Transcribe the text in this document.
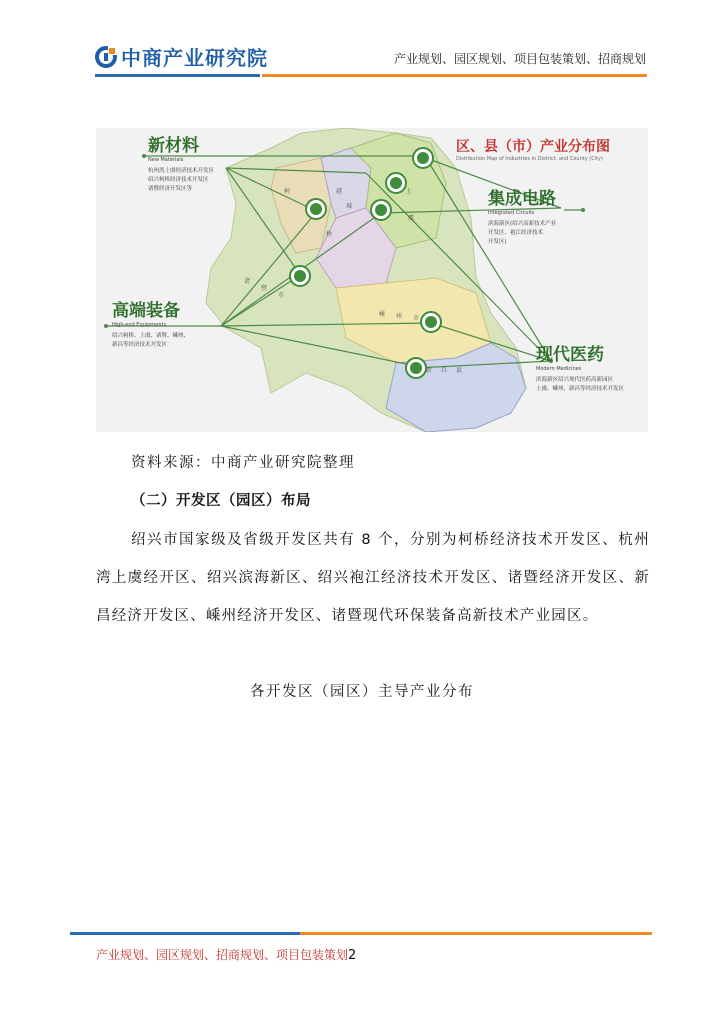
中商产业研究院	产业规划、园区规划、项目包装策划、招商规划
柯
桥
越
城
上
虞
诸
暨
市
嵊 州 市
新 昌 县
区、县（市）产业分布图
Distribution Map of Industries in District, and County (City)
新材料
New Materials
杭州湾上虞经济技术开发区
绍兴柯桥经济技术开发区
诸暨经济开发区等	集成电路
Integrated Circuits
滨海新区(绍兴高新技术产业
开发区、袍江经济技术
开发区)
高端装备
High-end Equipments
绍兴柯桥、上虞、诸暨、嵊州、
新昌等经济技术开发区	现代医药
Modern Medicines
滨海新区绍兴现代医药高新园区
上虞、嵊州、新昌等经济技术开发区
资料来源：中商产业研究院整理
（二）开发区（园区）布局
绍兴市国家级及省级开发区共有 8 个，分别为柯桥经济技术开发区、杭州湾上虞经开区、绍兴滨海新区、绍兴袍江经济技术开发区、诸暨经济开发区、新昌经济开发区、嵊州经济开发区、诸暨现代环保装备高新技术产业园区。
各开发区（园区）主导产业分布
产业规划、园区规划、招商规划、项目包装策划2
